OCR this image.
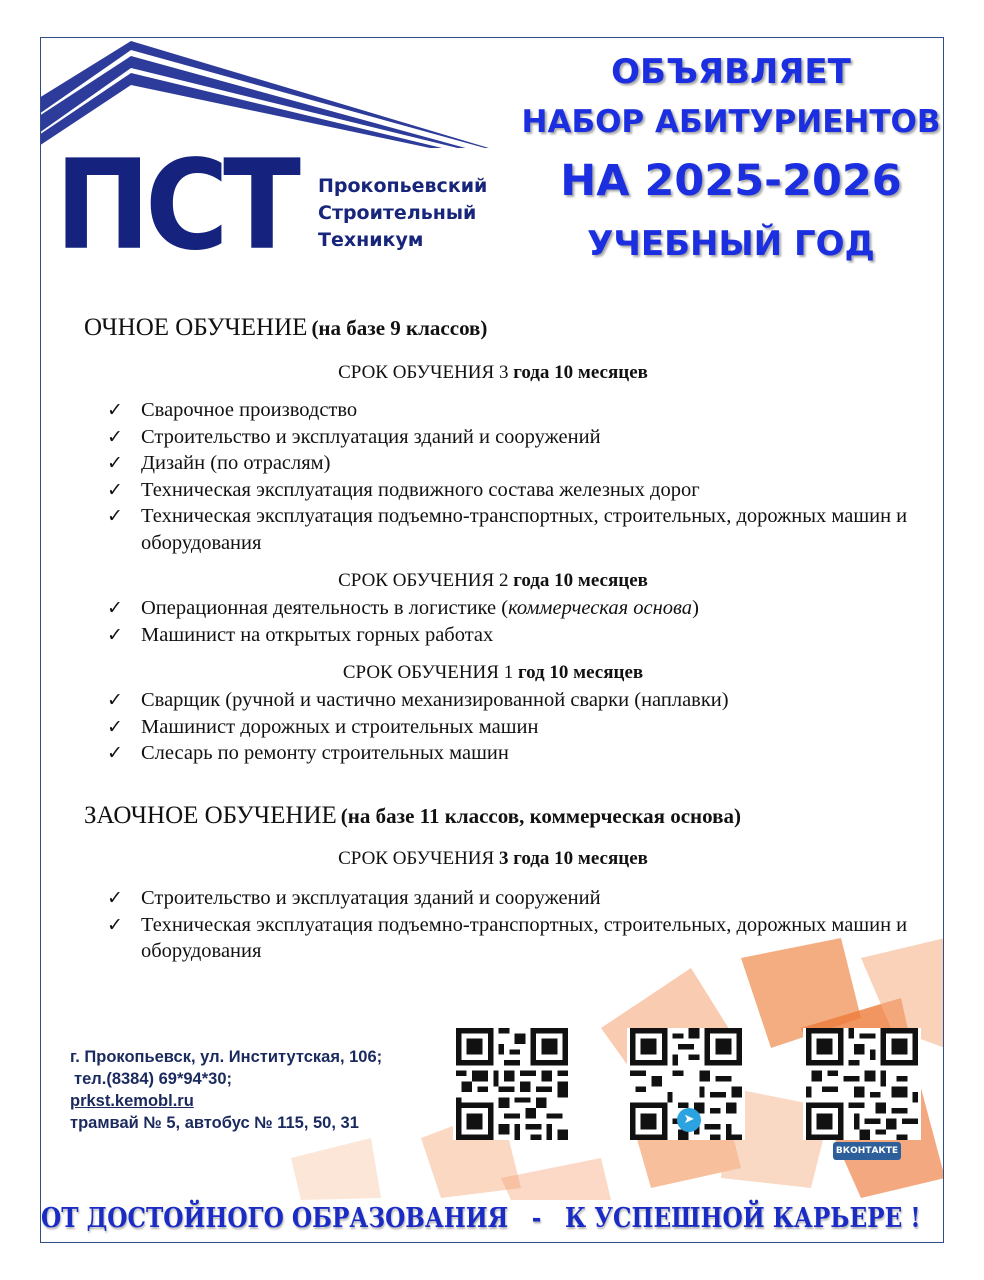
ПСТ Прокопьевский
Строительный
Техникум
ОБЪЯВЛЯЕТ
НАБОР АБИТУРИЕНТОВ
НА 2025-2026
УЧЕБНЫЙ ГОД
ОЧНОЕ ОБУЧЕНИЕ (на базе 9 классов)
СРОК ОБУЧЕНИЯ 3 года 10 месяцев
✓ Сварочное производство
✓ Строительство и эксплуатация зданий и сооружений
✓ Дизайн (по отраслям)
✓ Техническая эксплуатация подвижного состава железных дорог
✓ Техническая эксплуатация подъемно-транспортных, строительных, дорожных машин и оборудования
СРОК ОБУЧЕНИЯ 2 года 10 месяцев
✓ Операционная деятельность в логистике (коммерческая основа)
✓ Машинист на открытых горных работах
СРОК ОБУЧЕНИЯ 1 год 10 месяцев
✓ Сварщик (ручной и частично механизированной сварки (наплавки)
✓ Машинист дорожных и строительных машин
✓ Слесарь по ремонту строительных машин
ЗАОЧНОЕ ОБУЧЕНИЕ (на базе 11 классов, коммерческая основа)
СРОК ОБУЧЕНИЯ 3 года 10 месяцев
✓ Строительство и эксплуатация зданий и сооружений
✓ Техническая эксплуатация подъемно-транспортных, строительных, дорожных машин и оборудования
г. Прокопьевск, ул. Институтская, 106;
тел.(8384) 69*94*30;
prkst.kemobl.ru
трамвай № 5, автобус № 115, 50, 31	➤
ВКОНТАКТЕ
ОТ ДОСТОЙНОГО ОБРАЗОВАНИЯ - К УСПЕШНОЙ КАРЬЕРЕ !
